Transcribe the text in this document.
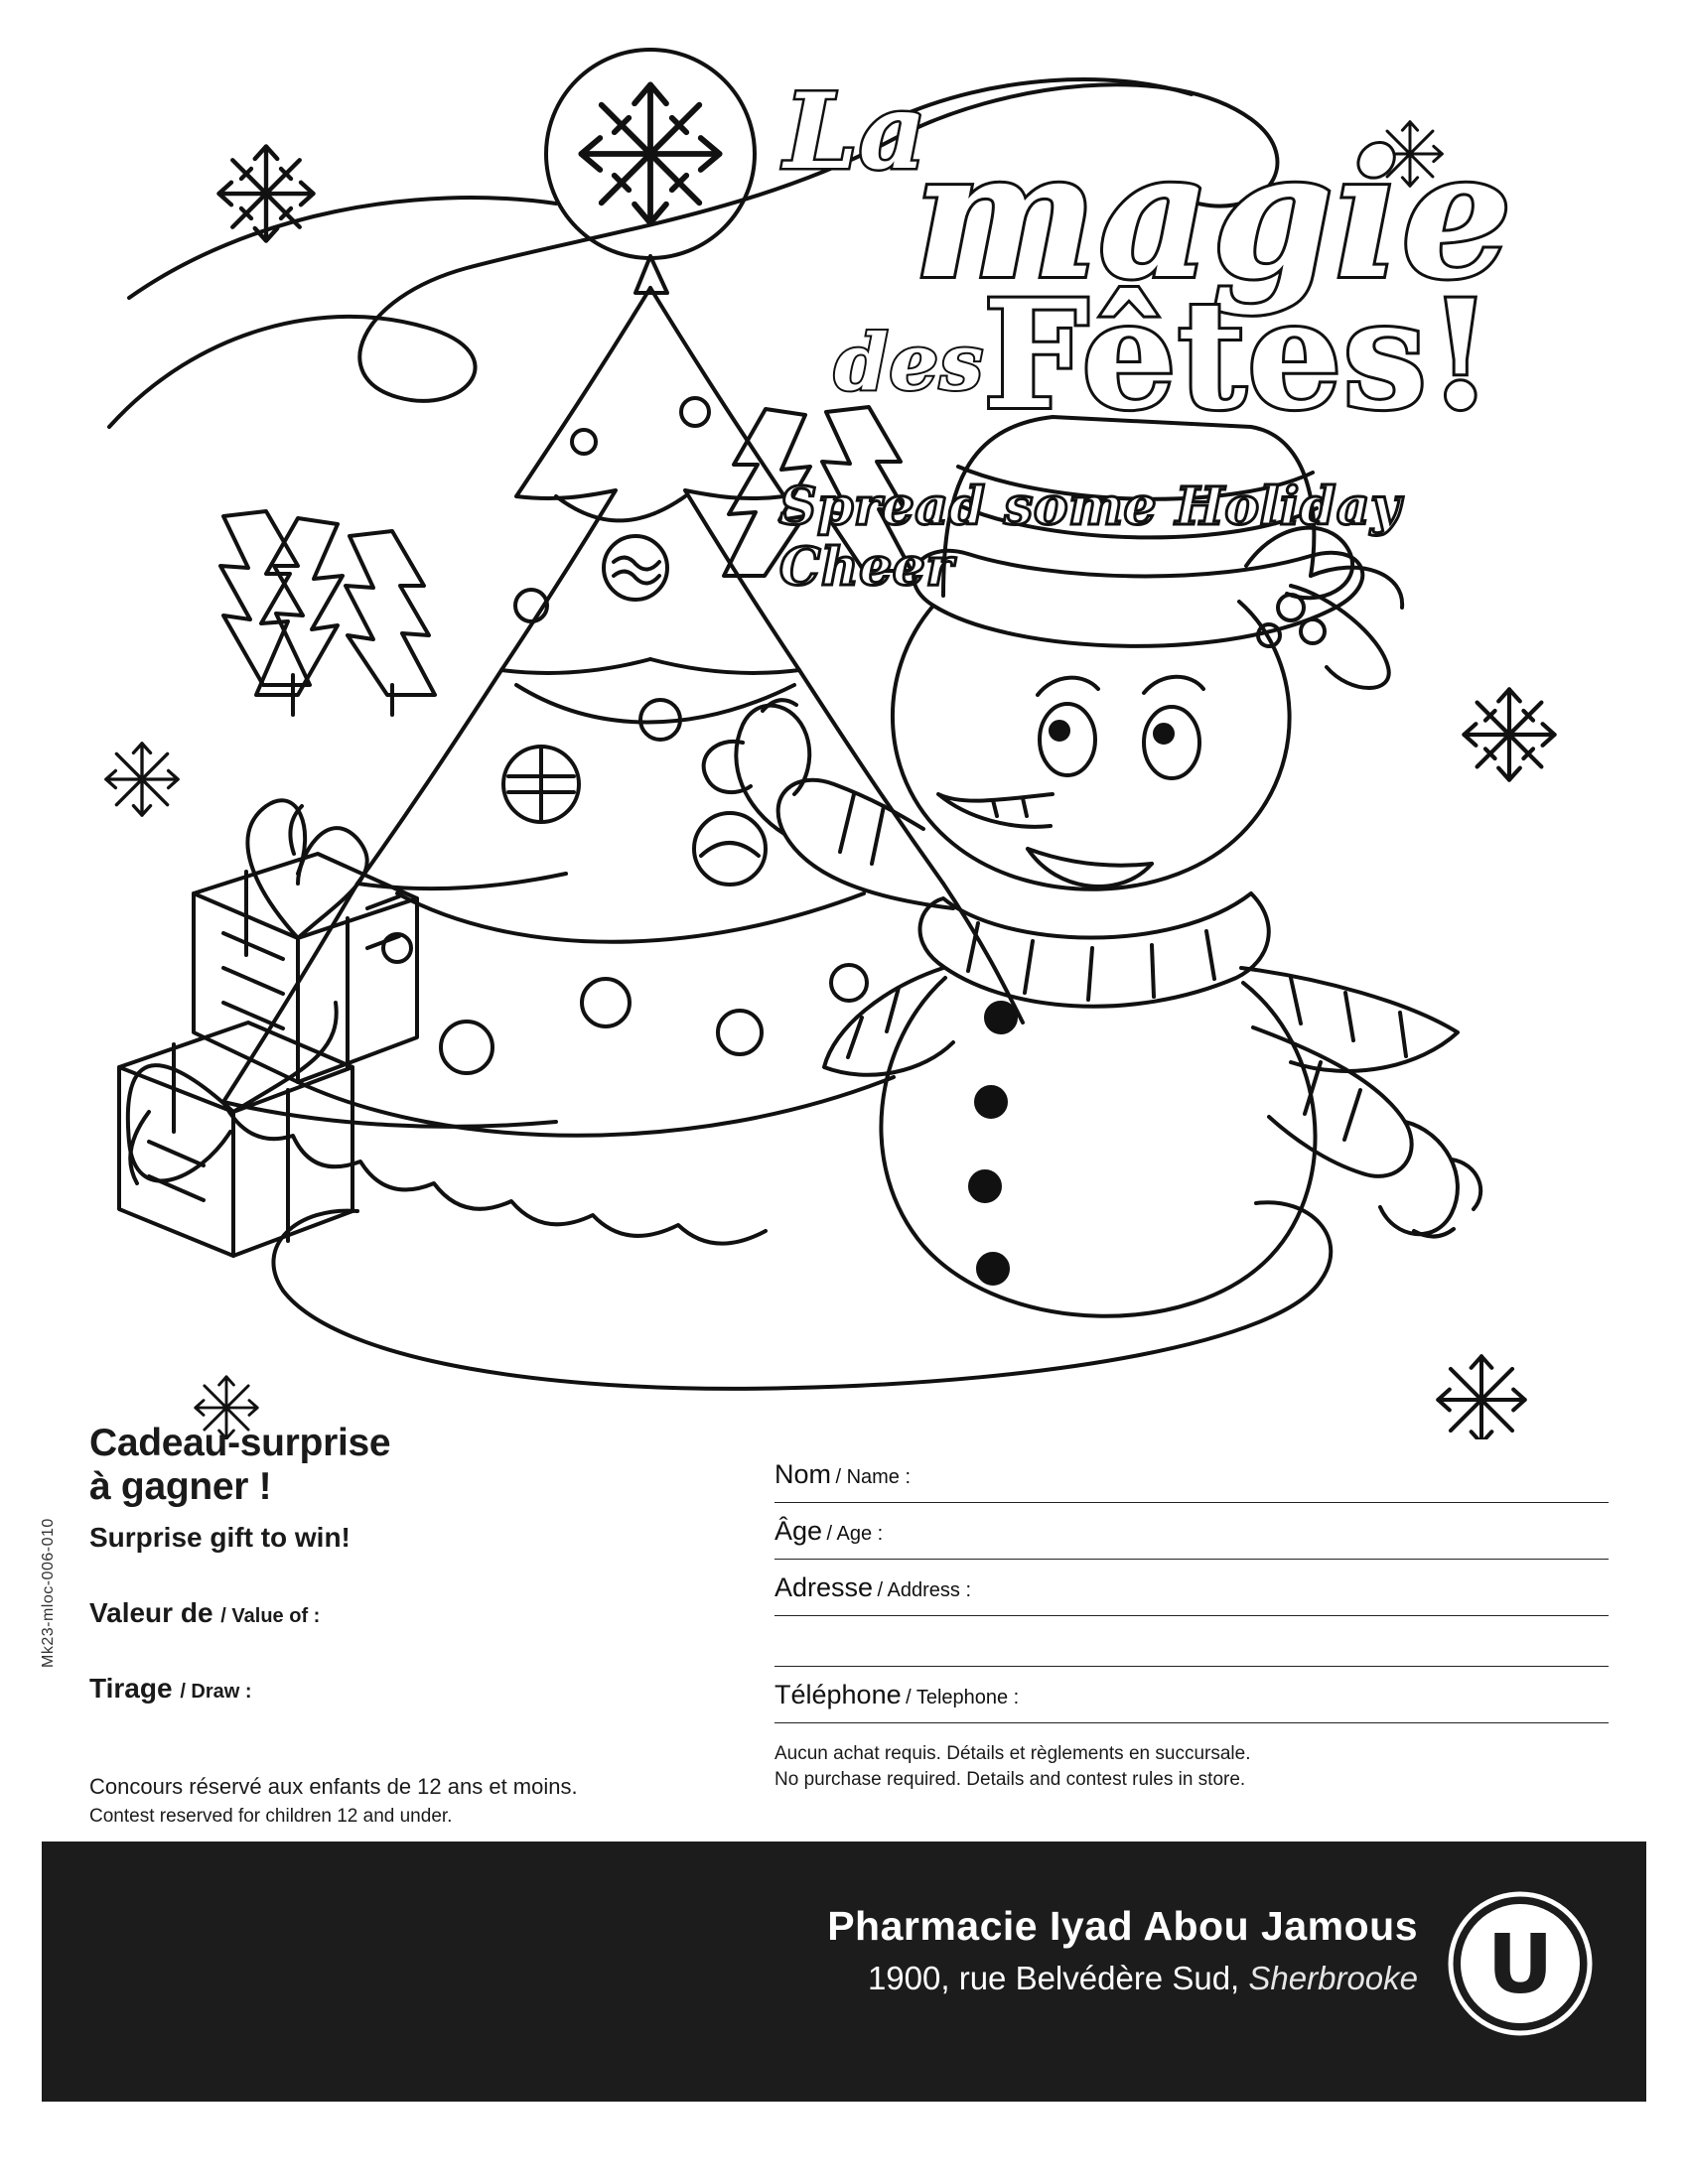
La
magie
des
Fêtes!
Spread some Holiday Cheer
Cadeau-surprise
à gagner !

Surprise gift to win!

Valeur de / Value of :
Tirage / Draw :
Concours réservé aux enfants de 12 ans et moins.
Contest reserved for children 12 and under.
Mk23-mloc-006-010
Nom / Name :
Âge / Age :
Adresse / Address :
Téléphone / Telephone :
Aucun achat requis. Détails et règlements en succursale.
No purchase required. Details and contest rules in store.

Pharmacie Iyad Abou Jamous

1900, rue Belvédère Sud, Sherbrooke U
